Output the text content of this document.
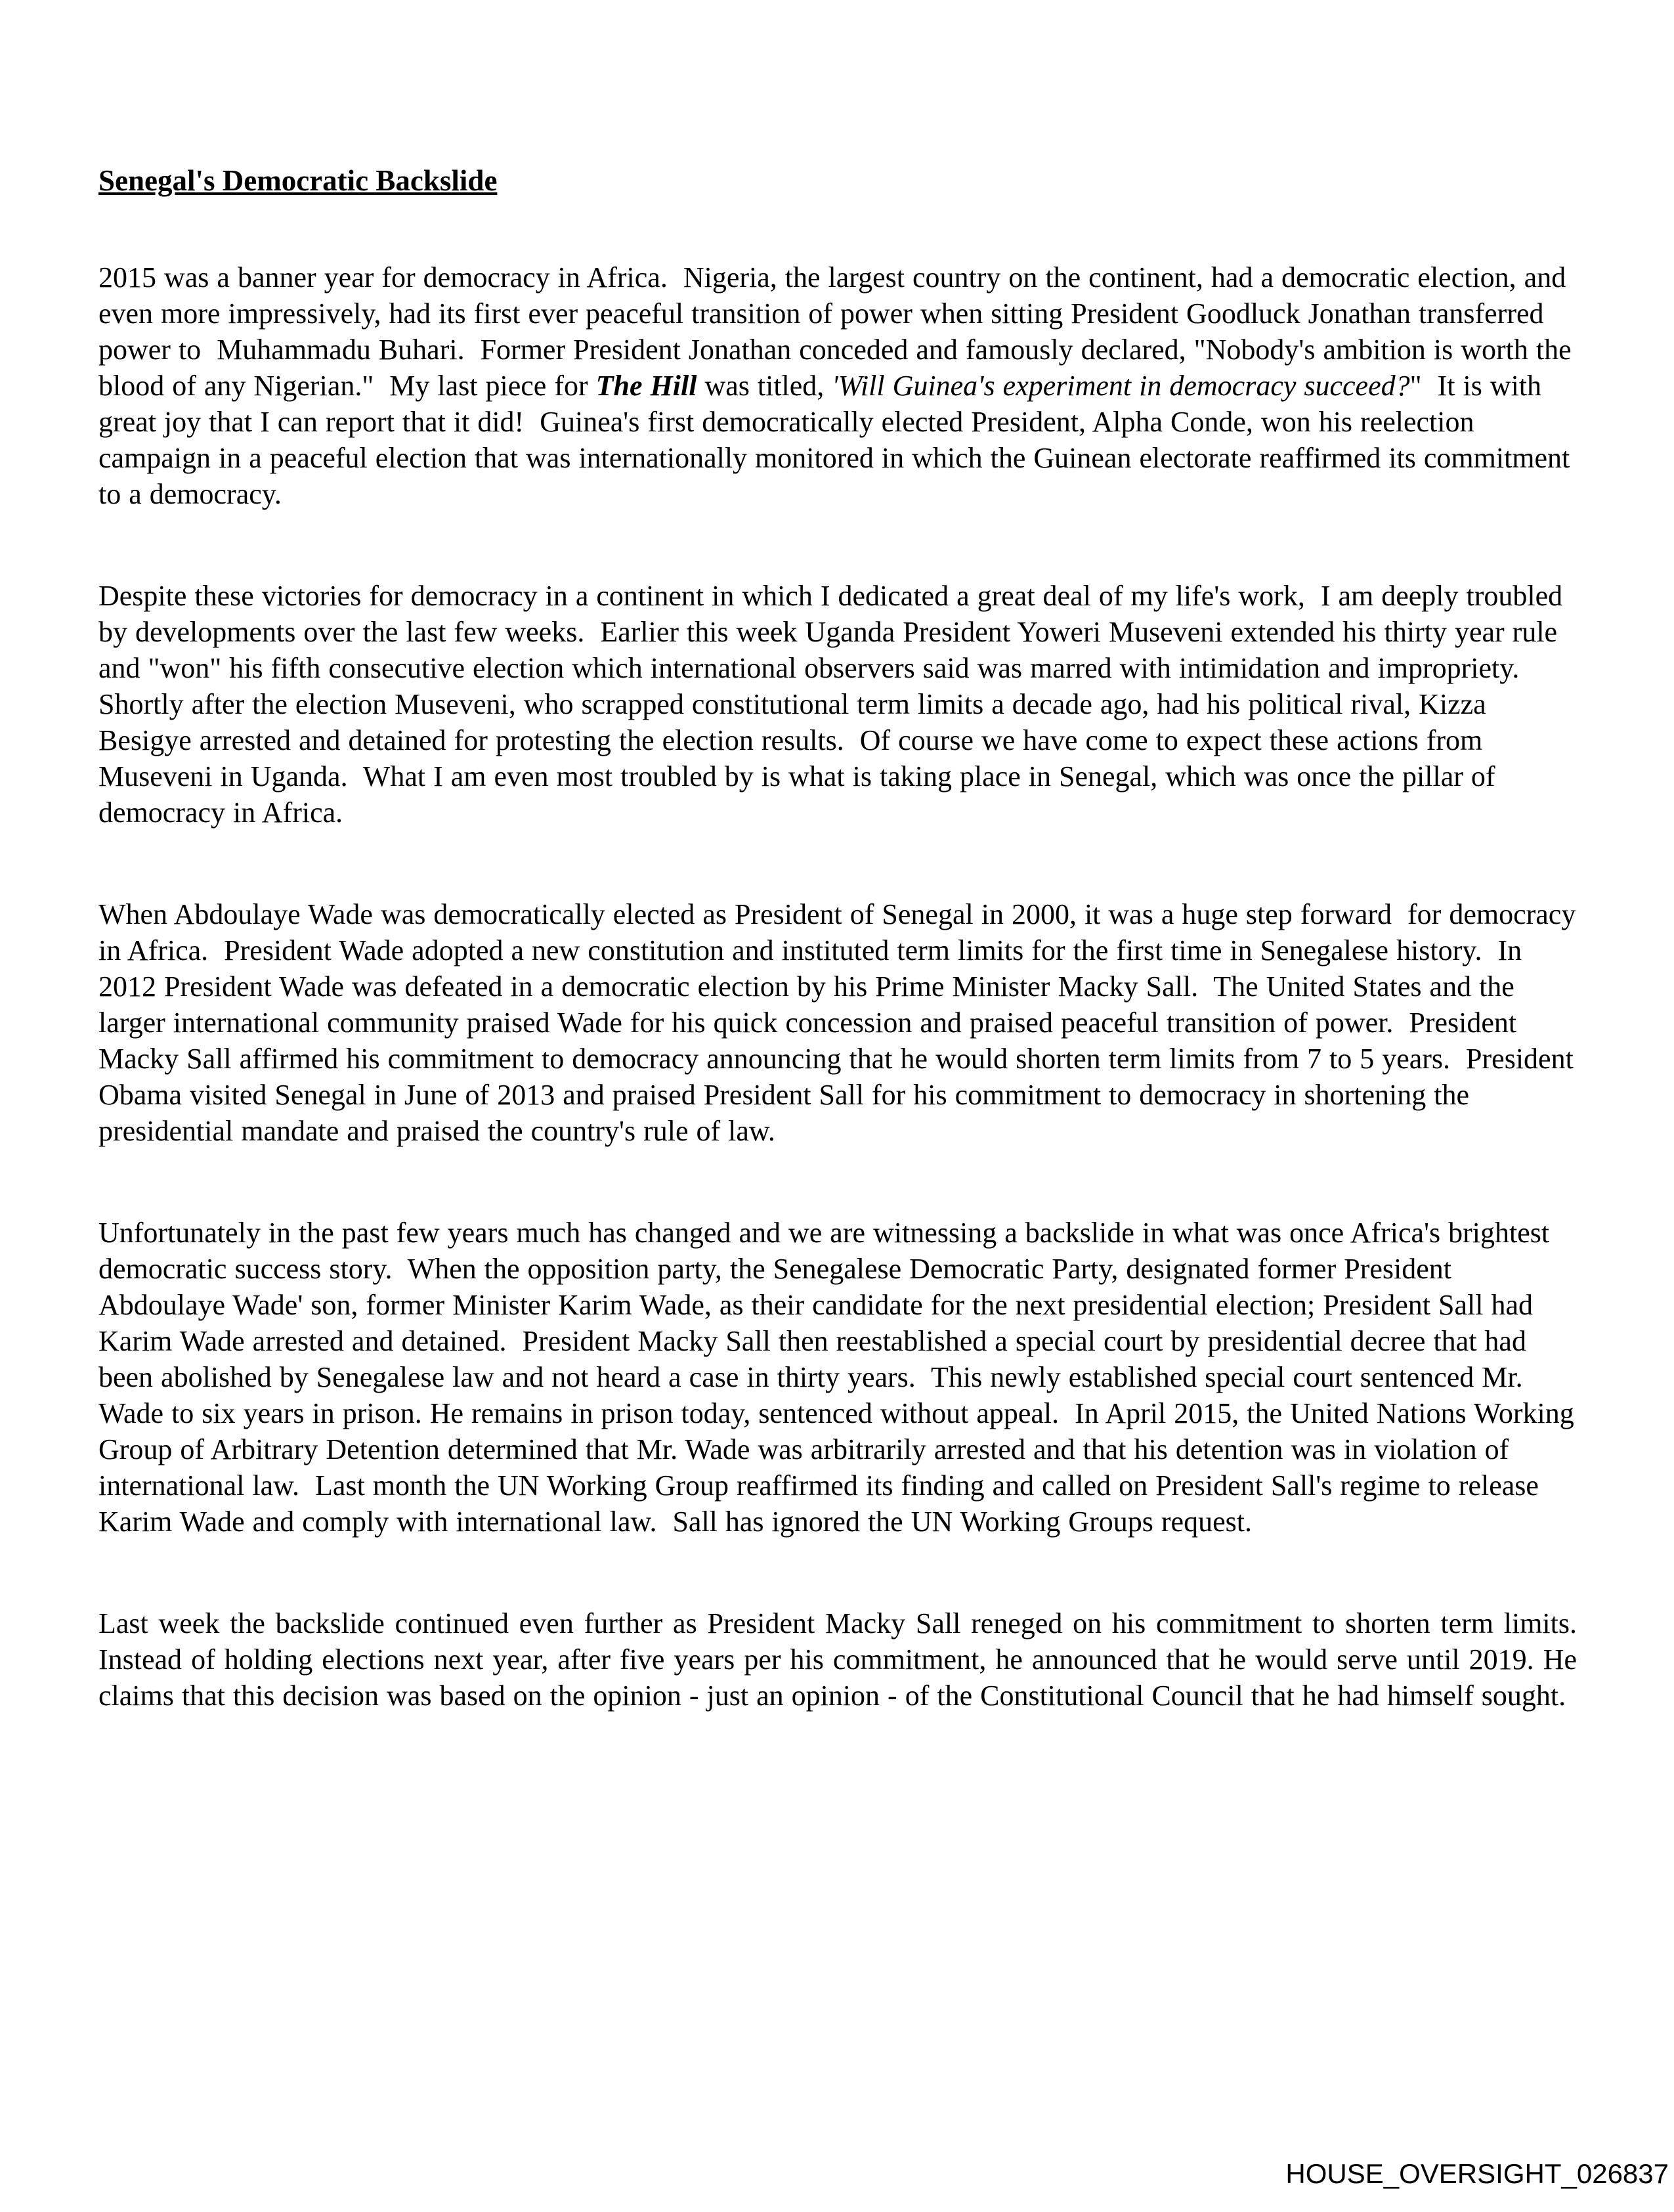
Senegal's Democratic Backslide

2015 was a banner year for democracy in Africa.  Nigeria, the largest country on the continent, had a democratic election, and even more impressively, had its first ever peaceful transition of power when sitting President Goodluck Jonathan transferred power to  Muhammadu Buhari.  Former President Jonathan conceded and famously declared, "Nobody's ambition is worth the blood of any Nigerian."  My last piece for The Hill was titled, 'Will Guinea's experiment in democracy succeed?"  It is with great joy that I can report that it did!  Guinea's first democratically elected President, Alpha Conde, won his reelection campaign in a peaceful election that was internationally monitored in which the Guinean electorate reaffirmed its commitment to a democracy.

Despite these victories for democracy in a continent in which I dedicated a great deal of my life's work,  I am deeply troubled by developments over the last few weeks.  Earlier this week Uganda President Yoweri Museveni extended his thirty year rule and "won" his fifth consecutive election which international observers said was marred with intimidation and impropriety.  Shortly after the election Museveni, who scrapped constitutional term limits a decade ago, had his political rival, Kizza Besigye arrested and detained for protesting the election results.  Of course we have come to expect these actions from Museveni in Uganda.  What I am even most troubled by is what is taking place in Senegal, which was once the pillar of democracy in Africa.

When Abdoulaye Wade was democratically elected as President of Senegal in 2000, it was a huge step forward  for democracy in Africa.  President Wade adopted a new constitution and instituted term limits for the first time in Senegalese history.  In 2012 President Wade was defeated in a democratic election by his Prime Minister Macky Sall.  The United States and the larger international community praised Wade for his quick concession and praised peaceful transition of power.  President Macky Sall affirmed his commitment to democracy announcing that he would shorten term limits from 7 to 5 years.  President Obama visited Senegal in June of 2013 and praised President Sall for his commitment to democracy in shortening the presidential mandate and praised the country's rule of law.

Unfortunately in the past few years much has changed and we are witnessing a backslide in what was once Africa's brightest democratic success story.  When the opposition party, the Senegalese Democratic Party, designated former President Abdoulaye Wade' son, former Minister Karim Wade, as their candidate for the next presidential election; President Sall had Karim Wade arrested and detained.  President Macky Sall then reestablished a special court by presidential decree that had been abolished by Senegalese law and not heard a case in thirty years.  This newly established special court sentenced Mr. Wade to six years in prison. He remains in prison today, sentenced without appeal.  In April 2015, the United Nations Working Group of Arbitrary Detention determined that Mr. Wade was arbitrarily arrested and that his detention was in violation of international law.  Last month the UN Working Group reaffirmed its finding and called on President Sall's regime to release Karim Wade and comply with international law.  Sall has ignored the UN Working Groups request.

Last week the backslide continued even further as President Macky Sall reneged on his commitment to shorten term limits. Instead of holding elections next year, after five years per his commitment, he announced that he would serve until 2019. He claims that this decision was based on the opinion - just an opinion - of the Constitutional Council that he had himself sought.

HOUSE_OVERSIGHT_026837
